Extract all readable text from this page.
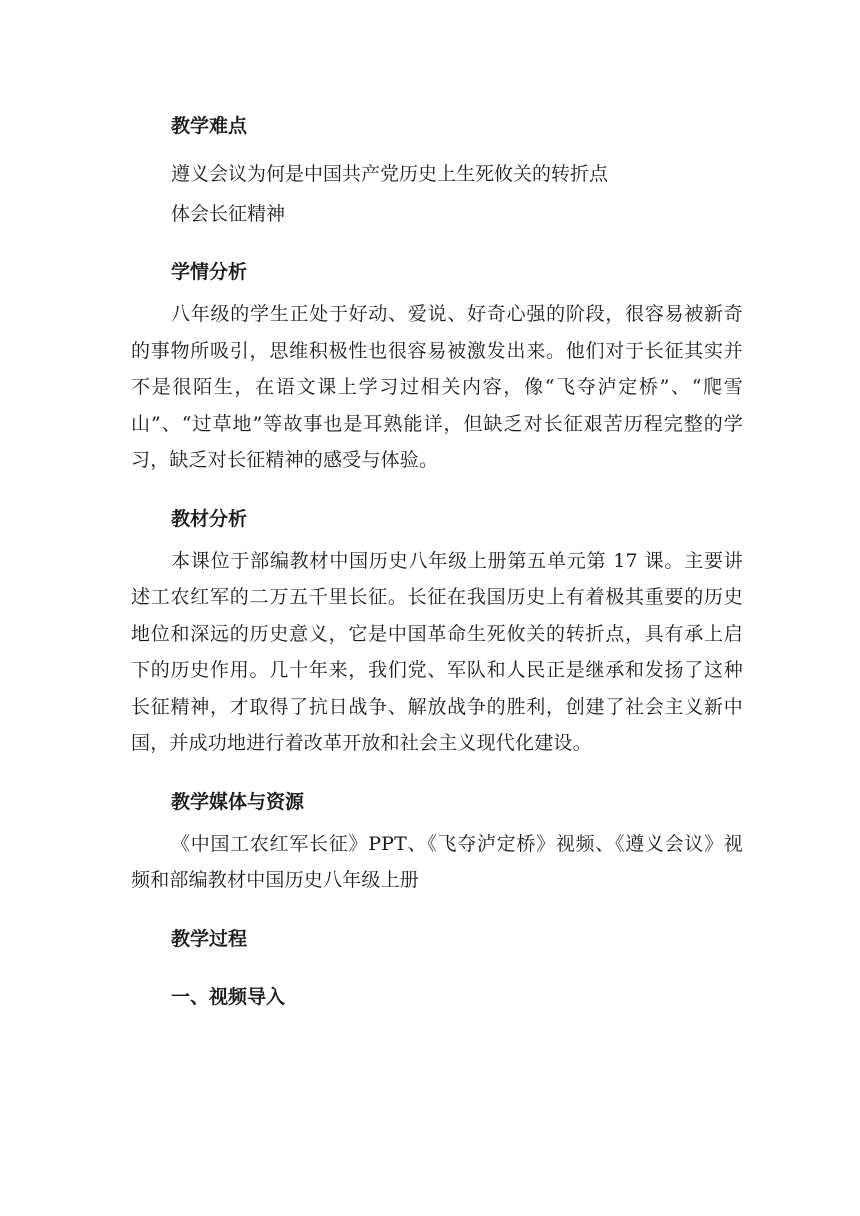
教学难点
遵义会议为何是中国共产党历史上生死攸关的转折点
体会长征精神
学情分析

八年级的学生正处于好动、爱说、好奇心强的阶段，很容易被新奇的事物所吸引，思维积极性也很容易被激发出来。他们对于长征其实并不是很陌生，在语文课上学习过相关内容，像“飞夺泸定桥”、“爬雪山”、“过草地”等故事也是耳熟能详，但缺乏对长征艰苦历程完整的学习，缺乏对长征精神的感受与体验。

教材分析

本课位于部编教材中国历史八年级上册第五单元第 17 课。主要讲述工农红军的二万五千里长征。长征在我国历史上有着极其重要的历史地位和深远的历史意义，它是中国革命生死攸关的转折点，具有承上启下的历史作用。几十年来，我们党、军队和人民正是继承和发扬了这种长征精神，才取得了抗日战争、解放战争的胜利，创建了社会主义新中国，并成功地进行着改革开放和社会主义现代化建设。

教学媒体与资源

《中国工农红军长征》PPT、《飞夺泸定桥》视频、《遵义会议》视频和部编教材中国历史八年级上册

教学过程
一、视频导入
